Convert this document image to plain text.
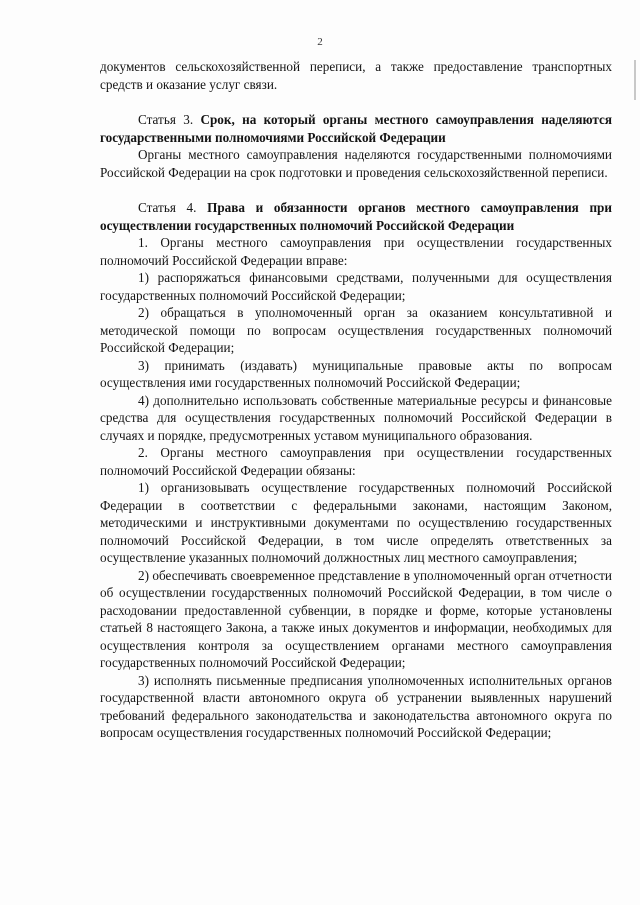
2

документов сельскохозяйственной переписи, а также предоставление транспортных средств и оказание услуг связи.

Статья 3. Срок, на который органы местного самоуправления наделяются государственными полномочиями Российской Федерации

Органы местного самоуправления наделяются государственными полномочиями Российской Федерации на срок подготовки и проведения сельскохозяйственной переписи.

Статья 4. Права и обязанности органов местного самоуправления при осуществлении государственных полномочий Российской Федерации

1. Органы местного самоуправления при осуществлении государственных полномочий Российской Федерации вправе:

1) распоряжаться финансовыми средствами, полученными для осуществления государственных полномочий Российской Федерации;

2) обращаться в уполномоченный орган за оказанием консультативной и методической помощи по вопросам осуществления государственных полномочий Российской Федерации;

3) принимать (издавать) муниципальные правовые акты по вопросам осуществления ими государственных полномочий Российской Федерации;

4) дополнительно использовать собственные материальные ресурсы и финансовые средства для осуществления государственных полномочий Российской Федерации в случаях и порядке, предусмотренных уставом муниципального образования.

2. Органы местного самоуправления при осуществлении государственных полномочий Российской Федерации обязаны:

1) организовывать осуществление государственных полномочий Российской Федерации в соответствии с федеральными законами, настоящим Законом, методическими и инструктивными документами по осуществлению государственных полномочий Российской Федерации, в том числе определять ответственных за осуществление указанных полномочий должностных лиц местного самоуправления;

2) обеспечивать своевременное представление в уполномоченный орган отчетности об осуществлении государственных полномочий Российской Федерации, в том числе о расходовании предоставленной субвенции, в порядке и форме, которые установлены статьей 8 настоящего Закона, а также иных документов и информации, необходимых для осуществления контроля за осуществлением органами местного самоуправления государственных полномочий Российской Федерации;

3) исполнять письменные предписания уполномоченных исполнительных органов государственной власти автономного округа об устранении выявленных нарушений требований федерального законодательства и законодательства автономного округа по вопросам осуществления государственных полномочий Российской Федерации;
